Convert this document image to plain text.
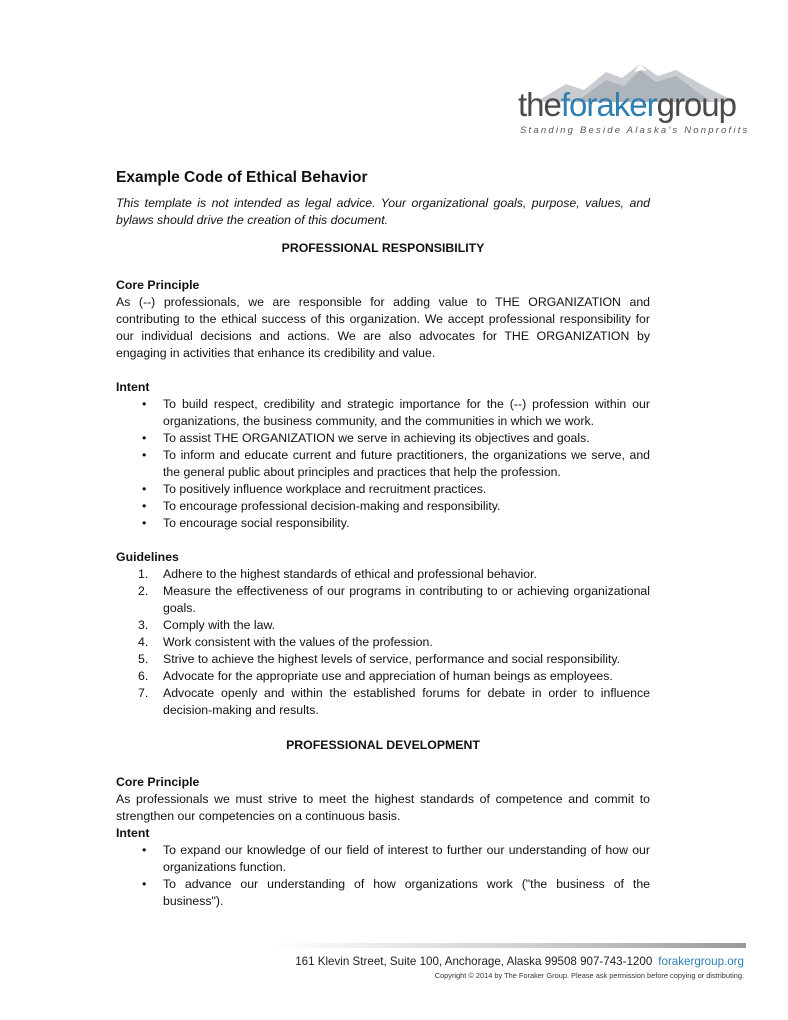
theforakergroup
Standing Beside Alaska's Nonprofits
Example Code of Ethical Behavior

This template is not intended as legal advice. Your organizational goals, purpose, values, and bylaws should drive the creation of this document.

PROFESSIONAL RESPONSIBILITY
Core Principle

As (--) professionals, we are responsible for adding value to THE ORGANIZATION and contributing to the ethical success of this organization. We accept professional responsibility for our individual decisions and actions. We are also advocates for THE ORGANIZATION by engaging in activities that enhance its credibility and value.

Intent
• To build respect, credibility and strategic importance for the (--) profession within our organizations, the business community, and the communities in which we work.
• To assist THE ORGANIZATION we serve in achieving its objectives and goals.
• To inform and educate current and future practitioners, the organizations we serve, and the general public about principles and practices that help the profession.
• To positively influence workplace and recruitment practices.
• To encourage professional decision-making and responsibility.
• To encourage social responsibility.
Guidelines
1. Adhere to the highest standards of ethical and professional behavior.
2. Measure the effectiveness of our programs in contributing to or achieving organizational goals.
3. Comply with the law.
4. Work consistent with the values of the profession.
5. Strive to achieve the highest levels of service, performance and social responsibility.
6. Advocate for the appropriate use and appreciation of human beings as employees.
7. Advocate openly and within the established forums for debate in order to influence decision-making and results.
PROFESSIONAL DEVELOPMENT
Core Principle

As professionals we must strive to meet the highest standards of competence and commit to strengthen our competencies on a continuous basis.

Intent
• To expand our knowledge of our field of interest to further our understanding of how our organizations function.
• To advance our understanding of how organizations work ("the business of the business").
161 Klevin Street, Suite 100, Anchorage, Alaska 99508 907-743-1200 forakergroup.org
Copyright © 2014 by The Foraker Group. Please ask permission before copying or distributing.
